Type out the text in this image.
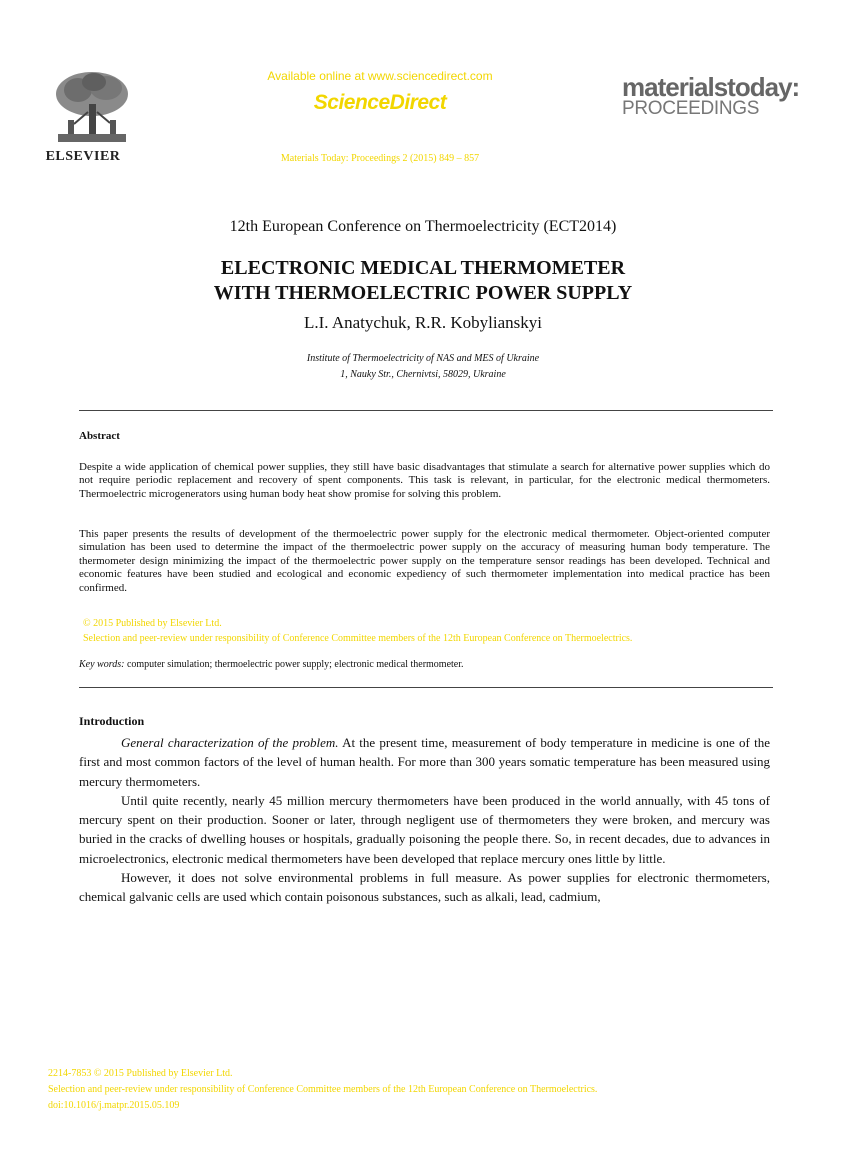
ELSEVIER
Available online at www.sciencedirect.com
ScienceDirect
Materials Today: Proceedings 2 (2015) 849 – 857
materialstoday:
PROCEEDINGS
12th European Conference on Thermoelectricity (ECT2014)
ELECTRONIC MEDICAL THERMOMETER
WITH THERMOELECTRIC POWER SUPPLY
L.I. Anatychuk, R.R. Kobylianskyi
Institute of Thermoelectricity of NAS and MES of Ukraine
1, Nauky Str., Chernivtsi, 58029, Ukraine
Abstract

Despite a wide application of chemical power supplies, they still have basic disadvantages that stimulate a search for alternative power supplies which do not require periodic replacement and recovery of spent components. This task is relevant, in particular, for the electronic medical thermometers. Thermoelectric microgenerators using human body heat show promise for solving this problem.

This paper presents the results of development of the thermoelectric power supply for the electronic medical thermometer. Object-oriented computer simulation has been used to determine the impact of the thermoelectric power supply on the accuracy of measuring human body temperature. The thermometer design minimizing the impact of the thermoelectric power supply on the temperature sensor readings has been developed. Technical and economic features have been studied and ecological and economic expediency of such thermometer implementation into medical practice has been confirmed.

© 2015 Published by Elsevier Ltd.
Selection and peer-review under responsibility of Conference Committee members of the 12th European Conference on Thermoelectrics.
Key words: computer simulation; thermoelectric power supply; electronic medical thermometer.
Introduction
General characterization of the problem. At the present time, measurement of body temperature in medicine is one of the first and most common factors of the level of human health. For more than 300 years somatic temperature has been measured using mercury thermometers.
Until quite recently, nearly 45 million mercury thermometers have been produced in the world annually, with 45 tons of mercury spent on their production. Sooner or later, through negligent use of thermometers they were broken, and mercury was buried in the cracks of dwelling houses or hospitals, gradually poisoning the people there. So, in recent decades, due to advances in microelectronics, electronic medical thermometers have been developed that replace mercury ones little by little.
However, it does not solve environmental problems in full measure. As power supplies for electronic thermometers, chemical galvanic cells are used which contain poisonous substances, such as alkali, lead, cadmium,
2214-7853 © 2015 Published by Elsevier Ltd.
Selection and peer-review under responsibility of Conference Committee members of the 12th European Conference on Thermoelectrics.
doi:10.1016/j.matpr.2015.05.109
